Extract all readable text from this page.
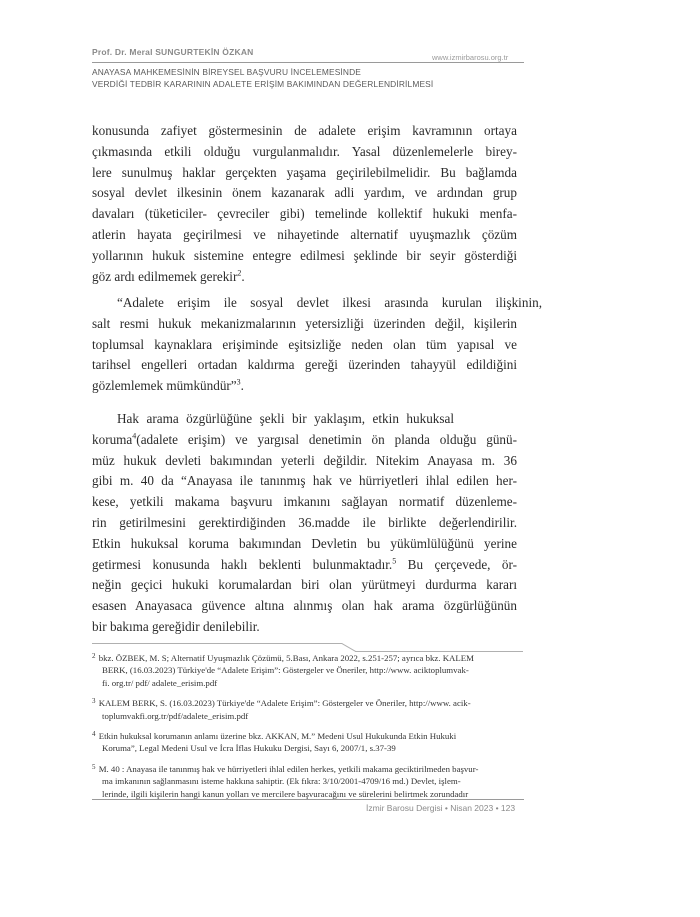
Prof. Dr. Meral SUNGURTEKİN ÖZKAN
www.izmirbarosu.org.tr
ANAYASA MAHKEMESİNİN BİREYSEL BAŞVURU İNCELEMESİNDE
VERDİĞİ TEDBİR KARARININ ADALETE ERİŞİM BAKIMINDAN DEĞERLENDİRİLMESİ
konusunda zafiyet göstermesinin de adalete erişim kavramının ortaya
çıkmasında etkili olduğu vurgulanmalıdır. Yasal düzenlemelerle birey-
lere sunulmuş haklar gerçekten yaşama geçirilebilmelidir. Bu bağlamda
sosyal devlet ilkesinin önem kazanarak adli yardım, ve ardından grup
davaları (tüketiciler- çevreciler gibi) temelinde kollektif hukuki menfa-
atlerin hayata geçirilmesi ve nihayetinde alternatif uyuşmazlık çözüm
yollarının hukuk sistemine entegre edilmesi şeklinde bir seyir gösterdiği
göz ardı edilmemek gerekir$^2$.
“Adalete erişim ile sosyal devlet ilkesi arasında kurulan ilişkinin,
salt resmi hukuk mekanizmalarının yetersizliği üzerinden değil, kişilerin
toplumsal kaynaklara erişiminde eşitsizliğe neden olan tüm yapısal ve
tarihsel engelleri ortadan kaldırma gereği üzerinden tahayyül edildiğini
gözlemlemek mümkündür”$^3$.
Hak arama özgürlüğüne şekli bir yaklaşım, etkin hukuksal
koruma$^4$(adalete erişim) ve yargısal denetimin ön planda olduğu günü-
müz hukuk devleti bakımından yeterli değildir. Nitekim Anayasa m. 36
gibi m. 40 da “Anayasa ile tanınmış hak ve hürriyetleri ihlal edilen her-
kese, yetkili makama başvuru imkanını sağlayan normatif düzenleme-
rin getirilmesini gerektirdiğinden 36.madde ile birlikte değerlendirilir.
Etkin hukuksal koruma bakımından Devletin bu yükümlülüğünü yerine
getirmesi konusunda haklı beklenti bulunmaktadır.$^5$ Bu çerçevede, ör-
neğin geçici hukuki korumalardan biri olan yürütmeyi durdurma kararı
esasen Anayasaca güvence altına alınmış olan hak arama özgürlüğünün
bir bakıma gereğidir denilebilir.
$^2$ bkz. ÖZBEK, M. S; Alternatif Uyuşmazlık Çözümü, 5.Bası, Ankara 2022, s.251-257; ayrıca bkz. KALEM
BERK, (16.03.2023) Türkiye'de “Adalete Erişim”: Göstergeler ve Öneriler, http://www. aciktoplumvak-
fi. org.tr/ pdf/ adalete_erisim.pdf
$^3$ KALEM BERK, S. (16.03.2023) Türkiye'de “Adalete Erişim”: Göstergeler ve Öneriler, http://www. acik-
toplumvakfi.org.tr/pdf/adalete_erisim.pdf
$^4$ Etkin hukuksal korumanın anlamı üzerine bkz. AKKAN, M.” Medeni Usul Hukukunda Etkin Hukuki
Koruma”, Legal Medeni Usul ve İcra İflas Hukuku Dergisi, Sayı 6, 2007/1, s.37-39
$^5$ M. 40 : Anayasa ile tanınmış hak ve hürriyetleri ihlal edilen herkes, yetkili makama geciktirilmeden başvur-
ma imkanının sağlanmasını isteme hakkına sahiptir. (Ek fıkra: 3/10/2001-4709/16 md.) Devlet, işlem-
lerinde, ilgili kişilerin hangi kanun yolları ve mercilere başvuracağını ve sürelerini belirtmek zorundadır
İzmir Barosu Dergisi • Nisan 2023 • 123
